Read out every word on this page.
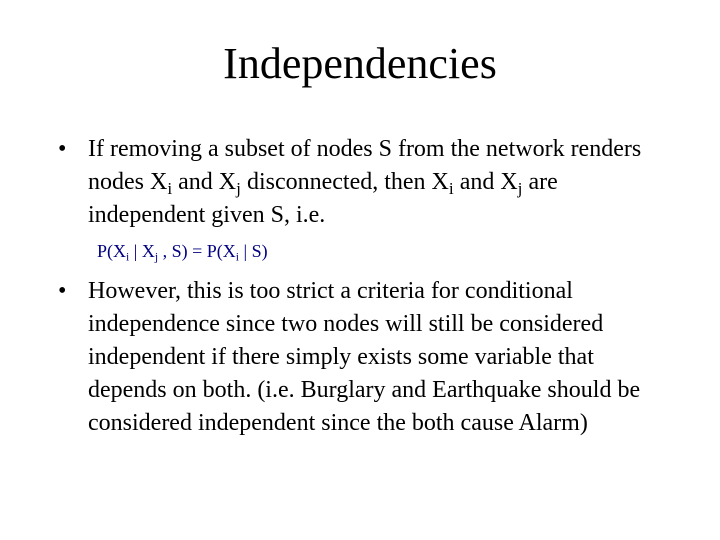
Independencies
• If removing a subset of nodes S from the network renders nodes $X_i$ and $X_j$ disconnected, then $X_i$ and $X_j$ are independent given S, i.e.
$P(X_i$ | $X_j$ , $S) = P(X_i$ | S)
• However, this is too strict a criteria for conditional independence since two nodes will still be considered independent if there simply exists some variable that depends on both. (i.e. Burglary and Earthquake should be considered independent since the both cause Alarm)
